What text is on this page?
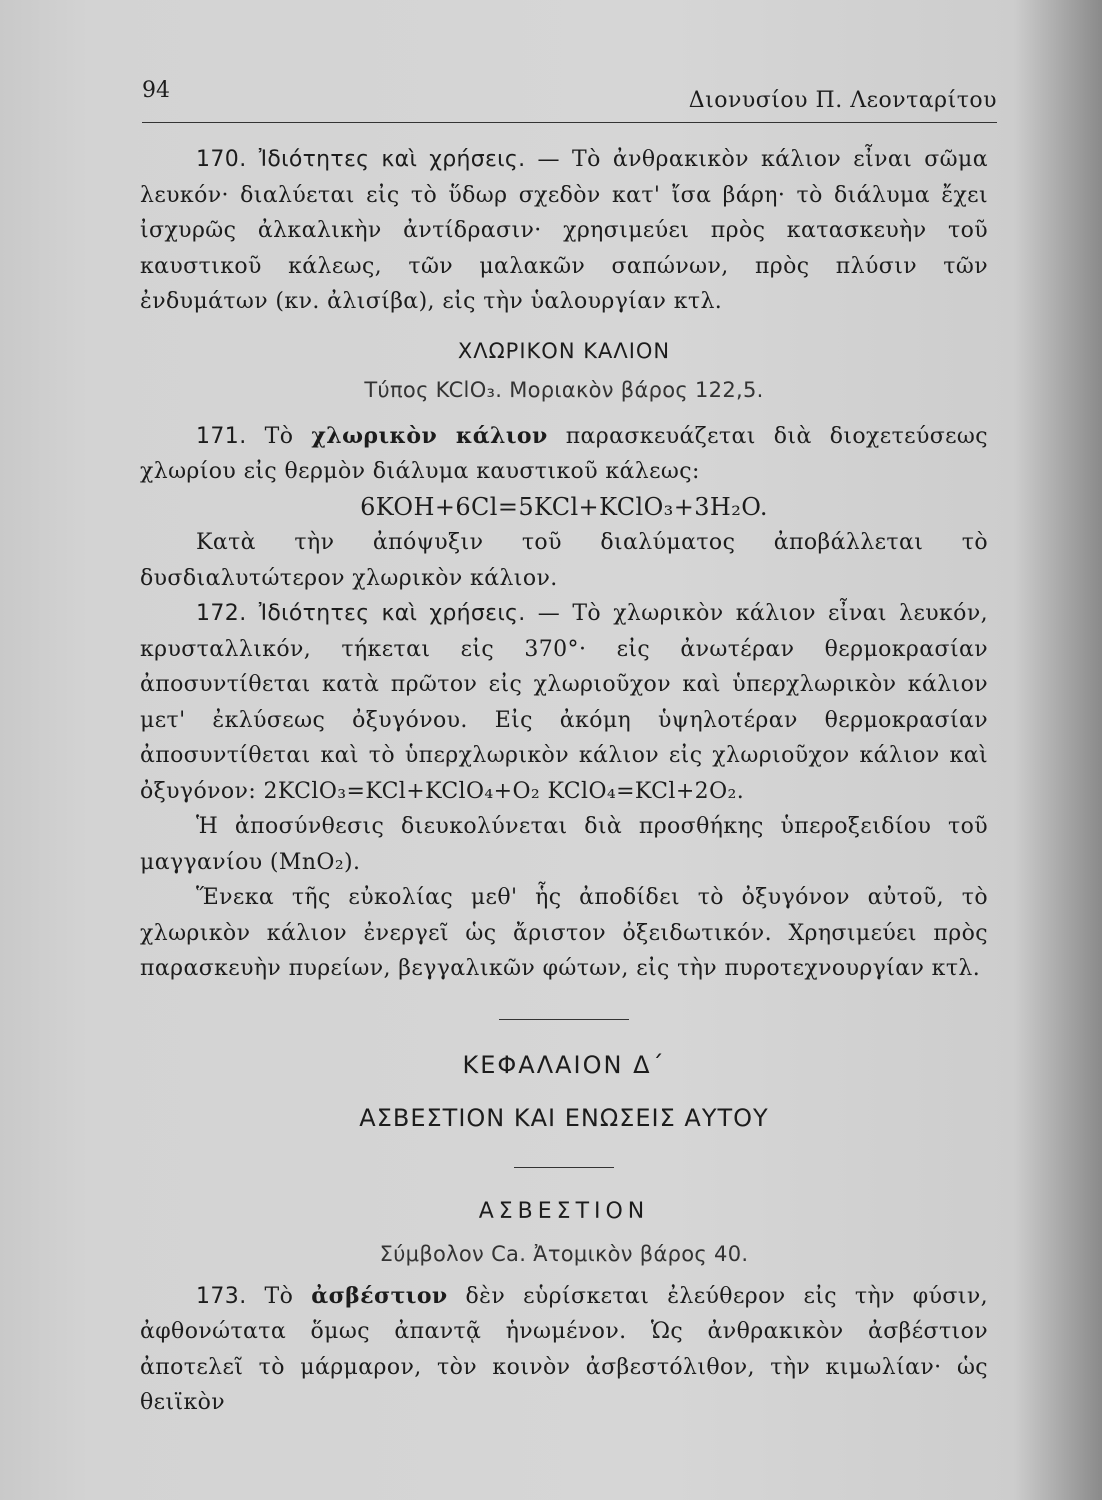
94	Διονυσίου Π. Λεονταρίτου

170. Ἰδιότητες καὶ χρήσεις. — Τὸ ἀνθρακικὸν κάλιον εἶναι σῶμα λευκόν· διαλύεται εἰς τὸ ὕδωρ σχεδὸν κατ' ἴσα βάρη· τὸ διάλυμα ἔχει ἰσχυρῶς ἀλκαλικὴν ἀντίδρασιν· χρησιμεύει πρὸς κατασκευὴν τοῦ καυστικοῦ κάλεως, τῶν μαλακῶν σαπώνων, πρὸς πλύσιν τῶν ἐνδυμάτων (κν. ἀλισίβα), εἰς τὴν ὑαλουργίαν κτλ.

ΧΛΩΡΙΚΟΝ ΚΑΛΙΟΝ
Τύπος KClO₃. Μοριακὸν βάρος 122,5.

171. Τὸ χλωρικὸν κάλιον παρασκευάζεται διὰ διοχετεύσεως χλωρίου εἰς θερμὸν διάλυμα καυστικοῦ κάλεως:

6KOH+6Cl=5KCl+KClO₃+3H₂O.

Κατὰ τὴν ἀπόψυξιν τοῦ διαλύματος ἀποβάλλεται τὸ δυσδιαλυτώτερον χλωρικὸν κάλιον.

172. Ἰδιότητες καὶ χρήσεις. — Τὸ χλωρικὸν κάλιον εἶναι λευκόν, κρυσταλλικόν, τήκεται εἰς 370°· εἰς ἀνωτέραν θερμοκρασίαν ἀποσυντίθεται κατὰ πρῶτον εἰς χλωριοῦχον καὶ ὑπερχλωρικὸν κάλιον μετ' ἐκλύσεως ὀξυγόνου. Εἰς ἀκόμη ὑψηλοτέραν θερμοκρασίαν ἀποσυντίθεται καὶ τὸ ὑπερχλωρικὸν κάλιον εἰς χλωριοῦχον κάλιον καὶ ὀξυγόνον: 2KClO₃=KCl+KClO₄+O₂ KClO₄=KCl+2O₂.

Ἡ ἀποσύνθεσις διευκολύνεται διὰ προσθήκης ὑπεροξειδίου τοῦ μαγγανίου (MnO₂).

Ἕνεκα τῆς εὐκολίας μεθ' ἧς ἀποδίδει τὸ ὀξυγόνον αὐτοῦ, τὸ χλωρικὸν κάλιον ἐνεργεῖ ὡς ἄριστον ὀξειδωτικόν. Χρησιμεύει πρὸς παρασκευὴν πυρείων, βεγγαλικῶν φώτων, εἰς τὴν πυροτεχνουργίαν κτλ.

ΚΕΦΑΛΑΙΟΝ Δ΄
ΑΣΒΕΣΤΙΟΝ ΚΑΙ ΕΝΩΣΕΙΣ ΑΥΤΟΥ
ΑΣΒΕΣΤΙΟΝ
Σύμβολον Ca. Ἀτομικὸν βάρος 40.

173. Τὸ ἀσβέστιον δὲν εὑρίσκεται ἐλεύθερον εἰς τὴν φύσιν, ἀφθονώτατα ὅμως ἀπαντᾷ ἡνωμένον. Ὡς ἀνθρακικὸν ἀσβέστιον ἀποτελεῖ τὸ μάρμαρον, τὸν κοινὸν ἀσβεστόλιθον, τὴν κιμωλίαν· ὡς θειϊκὸν
